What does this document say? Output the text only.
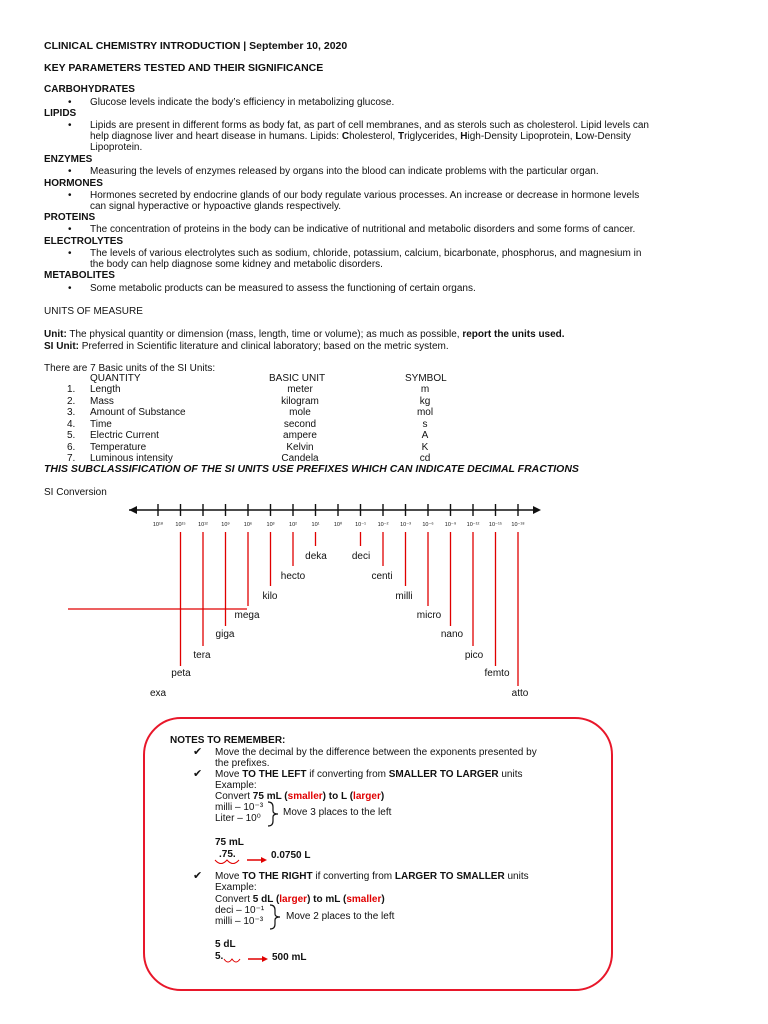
CLINICAL CHEMISTRY INTRODUCTION | September 10, 2020
KEY PARAMETERS TESTED AND THEIR SIGNIFICANCE
CARBOHYDRATES
• Glucose levels indicate the body’s efficiency in metabolizing glucose.
LIPIDS
• Lipids are present in different forms as body fat, as part of cell membranes, and as sterols such as cholesterol. Lipid levels can
help diagnose liver and heart disease in humans. Lipids: Cholesterol, Triglycerides, High-Density Lipoprotein, Low-Density
Lipoprotein.
ENZYMES
• Measuring the levels of enzymes released by organs into the blood can indicate problems with the particular organ.
HORMONES
• Hormones secreted by endocrine glands of our body regulate various processes. An increase or decrease in hormone levels
can signal hyperactive or hypoactive glands respectively.
PROTEINS
• The concentration of proteins in the body can be indicative of nutritional and metabolic disorders and some forms of cancer.
ELECTROLYTES
• The levels of various electrolytes such as sodium, chloride, potassium, calcium, bicarbonate, phosphorus, and magnesium in
the body can help diagnose some kidney and metabolic disorders.
METABOLITES
• Some metabolic products can be measured to assess the functioning of certain organs.
UNITS OF MEASURE
Unit: The physical quantity or dimension (mass, length, time or volume); as much as possible, report the units used.
SI Unit: Preferred in Scientific literature and clinical laboratory; based on the metric system.
There are 7 Basic units of the SI Units:
QUANTITY	BASIC UNIT	SYMBOL
1. Length	meter	m
2. Mass	kilogram	kg
3. Amount of Substance	mole	mol
4. Time	second	s
5. Electric Current	ampere	A
6. Temperature	Kelvin	K
7. Luminous intensity	Candela	cd
THIS SUBCLASSIFICATION OF THE SI UNITS USE PREFIXES WHICH CAN INDICATE DECIMAL FRACTIONS
SI Conversion
10¹⁸ 10¹⁵ 10¹² 10⁹	10⁶	10³	10²	10¹	10⁰ 10⁻¹ 10⁻² 10⁻³ 10⁻⁶ 10⁻⁹ 10⁻¹² 10⁻¹⁵ 10⁻¹⁸
exa
peta
tera
giga
mega
kilo
hecto
deka deci
centi
milli
micro
nano
pico
femto
atto
NOTES TO REMEMBER:
✔ Move the decimal by the difference between the exponents presented by
the prefixes.
✔ Move TO THE LEFT if converting from SMALLER TO LARGER units
Example:
Convert 75 mL (smaller) to L (larger)
milli – 10⁻³
Liter – 10⁰
Move 3 places to the left
75 mL
.75.	0.0750 L
✔ Move TO THE RIGHT if converting from LARGER TO SMALLER units
Example:
Convert 5 dL (larger) to mL (smaller)
deci – 10⁻¹
milli – 10⁻³ Move 2 places to the left
5 dL
5.	500 mL
